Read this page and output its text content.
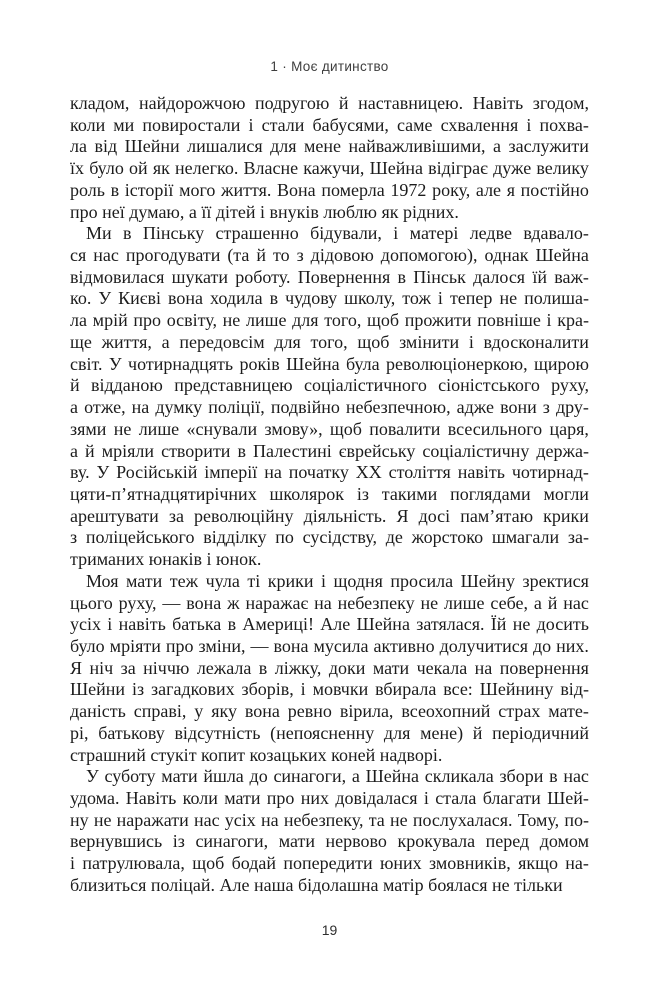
1 · Моє дитинство

кладом, найдорожчою подругою й наставницею. Навіть згодом,
коли ми повиростали і стали бабусями, саме схвалення і похва-
ла від Шейни лишалися для мене найважливішими, а заслужити
їх було ой як нелегко. Власне кажучи, Шейна відіграє дуже велику
роль в історії мого життя. Вона померла 1972 року, але я постійно
про неї думаю, а її дітей і внуків люблю як рідних.

Ми в Пінську страшенно бідували, і матері ледве вдавало-
ся нас прогодувати (та й то з дідовою допомогою), однак Шейна
відмовилася шукати роботу. Повернення в Пінськ далося їй важ-
ко. У Києві вона ходила в чудову школу, тож і тепер не полиша-
ла мрій про освіту, не лише для того, щоб прожити повніше і кра-
ще життя, а передовсім для того, щоб змінити і вдосконалити
світ. У чотирнадцять років Шейна була революціонеркою, щирою
й відданою представницею соціалістичного сіоністського руху,
а отже, на думку поліції, подвійно небезпечною, адже вони з дру-
зями не лише «снували змову», щоб повалити всесильного царя,
а й мріяли створити в Палестині єврейську соціалістичну держа-
ву. У Російській імперії на початку ХХ століття навіть чотирнад-
цяти-п’ятнадцятирічних школярок із такими поглядами могли
арештувати за революційну діяльність. Я досі пам’ятаю крики
з поліцейського відділку по сусідству, де жорстоко шмагали за-
триманих юнаків і юнок.

Моя мати теж чула ті крики і щодня просила Шейну зректися
цього руху, — вона ж наражає на небезпеку не лише себе, а й нас
усіх і навіть батька в Америці! Але Шейна затялася. Їй не досить
було мріяти про зміни, — вона мусила активно долучитися до них.
Я ніч за ніччю лежала в ліжку, доки мати чекала на повернення
Шейни із загадкових зборів, і мовчки вбирала все: Шейнину від-
даність справі, у яку вона ревно вірила, всеохопний страх мате-
рі, батькову відсутність (непоясненну для мене) й періодичний
страшний стукіт копит козацьких коней надворі.

У суботу мати йшла до синагоги, а Шейна скликала збори в нас
удома. Навіть коли мати про них довідалася і стала благати Шей-
ну не наражати нас усіх на небезпеку, та не послухалася. Тому, по-
вернувшись із синагоги, мати нервово крокувала перед домом
і патрулювала, щоб бодай попередити юних змовників, якщо на-
близиться поліцай. Але наша бідолашна матір боялася не тільки

19
